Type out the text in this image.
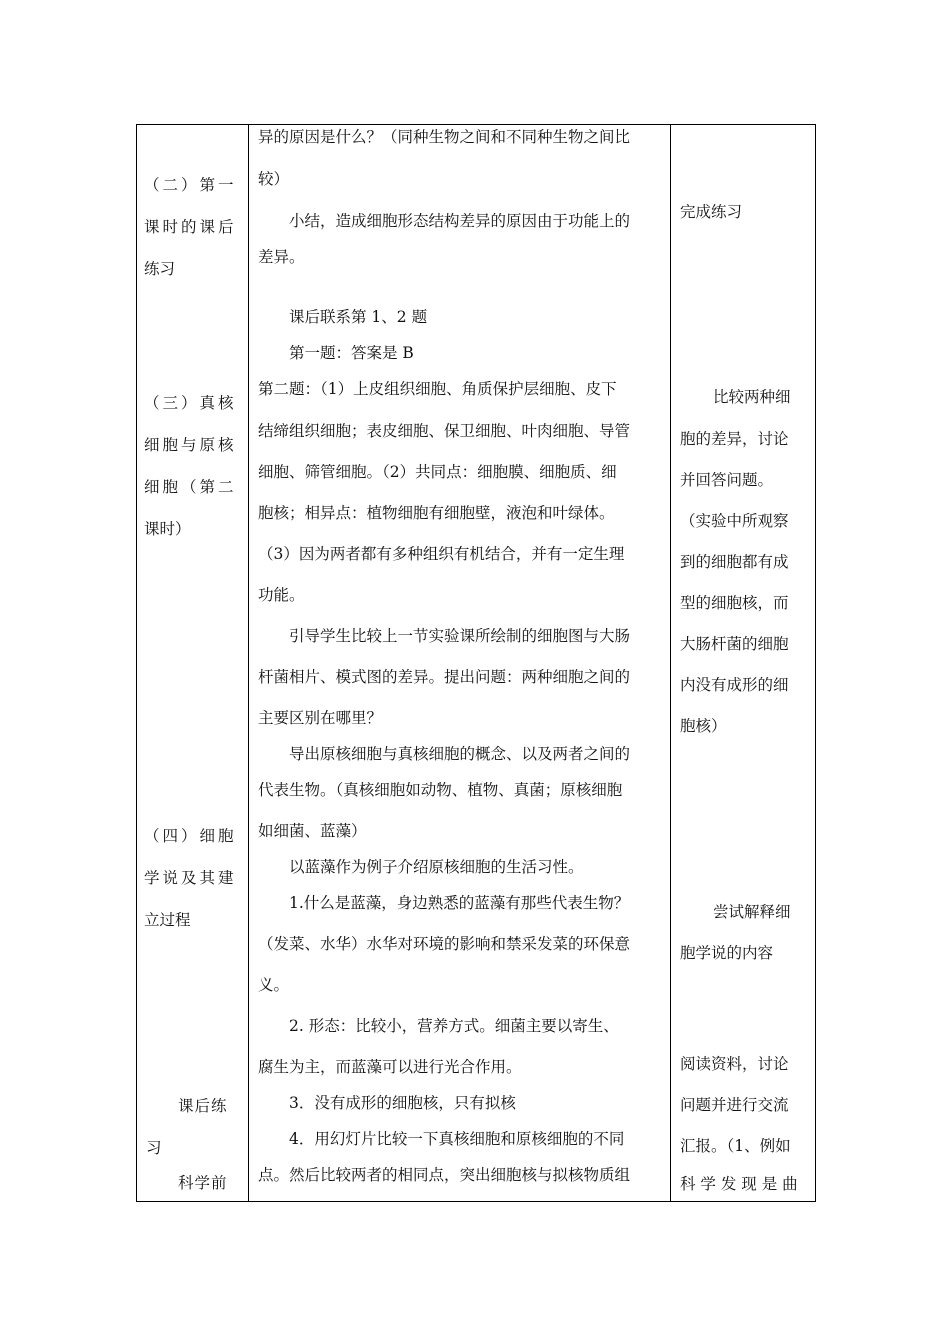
（二）第一
课时的课后
练习
（三）真核
细胞与原核
细胞（第二
课时）
（四）细胞
学说及其建
立过程
课后练
习
科学前
异的原因是什么？（同种生物之间和不同种生物之间比
较）
小结，造成细胞形态结构差异的原因由于功能上的
差异。
课后联系第 1、2 题
第一题：答案是 B
第二题：（1）上皮组织细胞、角质保护层细胞、皮下
结缔组织细胞；表皮细胞、保卫细胞、叶肉细胞、导管
细胞、筛管细胞。（2）共同点：细胞膜、细胞质、细
胞核；相异点：植物细胞有细胞壁，液泡和叶绿体。
（3）因为两者都有多种组织有机结合，并有一定生理
功能。
引导学生比较上一节实验课所绘制的细胞图与大肠
杆菌相片、模式图的差异。提出问题：两种细胞之间的
主要区别在哪里？
导出原核细胞与真核细胞的概念、以及两者之间的
代表生物。（真核细胞如动物、植物、真菌；原核细胞
如细菌、蓝藻）
以蓝藻作为例子介绍原核细胞的生活习性。
1.什么是蓝藻，身边熟悉的蓝藻有那些代表生物？
（发菜、水华）水华对环境的影响和禁采发菜的环保意
义。
2. 形态：比较小，营养方式。细菌主要以寄生、
腐生为主，而蓝藻可以进行光合作用。
3．没有成形的细胞核，只有拟核
4．用幻灯片比较一下真核细胞和原核细胞的不同
点。然后比较两者的相同点，突出细胞核与拟核物质组
完成练习
比较两种细
胞的差异，讨论
并回答问题。
（实验中所观察
到的细胞都有成
型的细胞核，而
大肠杆菌的细胞
内没有成形的细
胞核）
尝试解释细
胞学说的内容
阅读资料，讨论
问题并进行交流
汇报。（1、例如
科 学 发 现 是 曲
